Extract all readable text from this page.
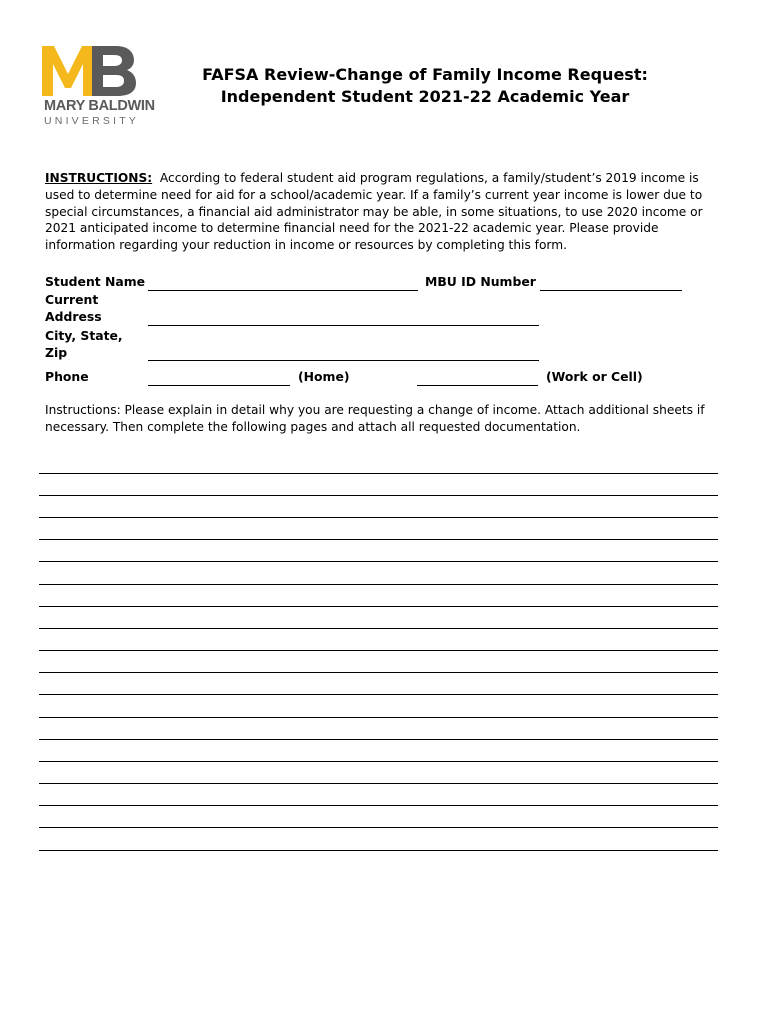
MARY BALDWIN
UNIVERSITY
FAFSA Review-Change of Family Income Request:
Independent Student 2021-22 Academic Year
INSTRUCTIONS: According to federal student aid program regulations, a family/student’s 2019 income is used to determine need for aid for a school/academic year. If a family’s current year income is lower due to special circumstances, a financial aid administrator may be able, in some situations, to use 2020 income or 2021 anticipated income to determine financial need for the 2021-22 academic year. Please provide information regarding your reduction in income or resources by completing this form.
Student Name	MBU ID Number
Current
Address
City, State,
Zip
Phone	(Home)	(Work or Cell)
Instructions: Please explain in detail why you are requesting a change of income. Attach additional sheets if necessary. Then complete the following pages and attach all requested documentation.
